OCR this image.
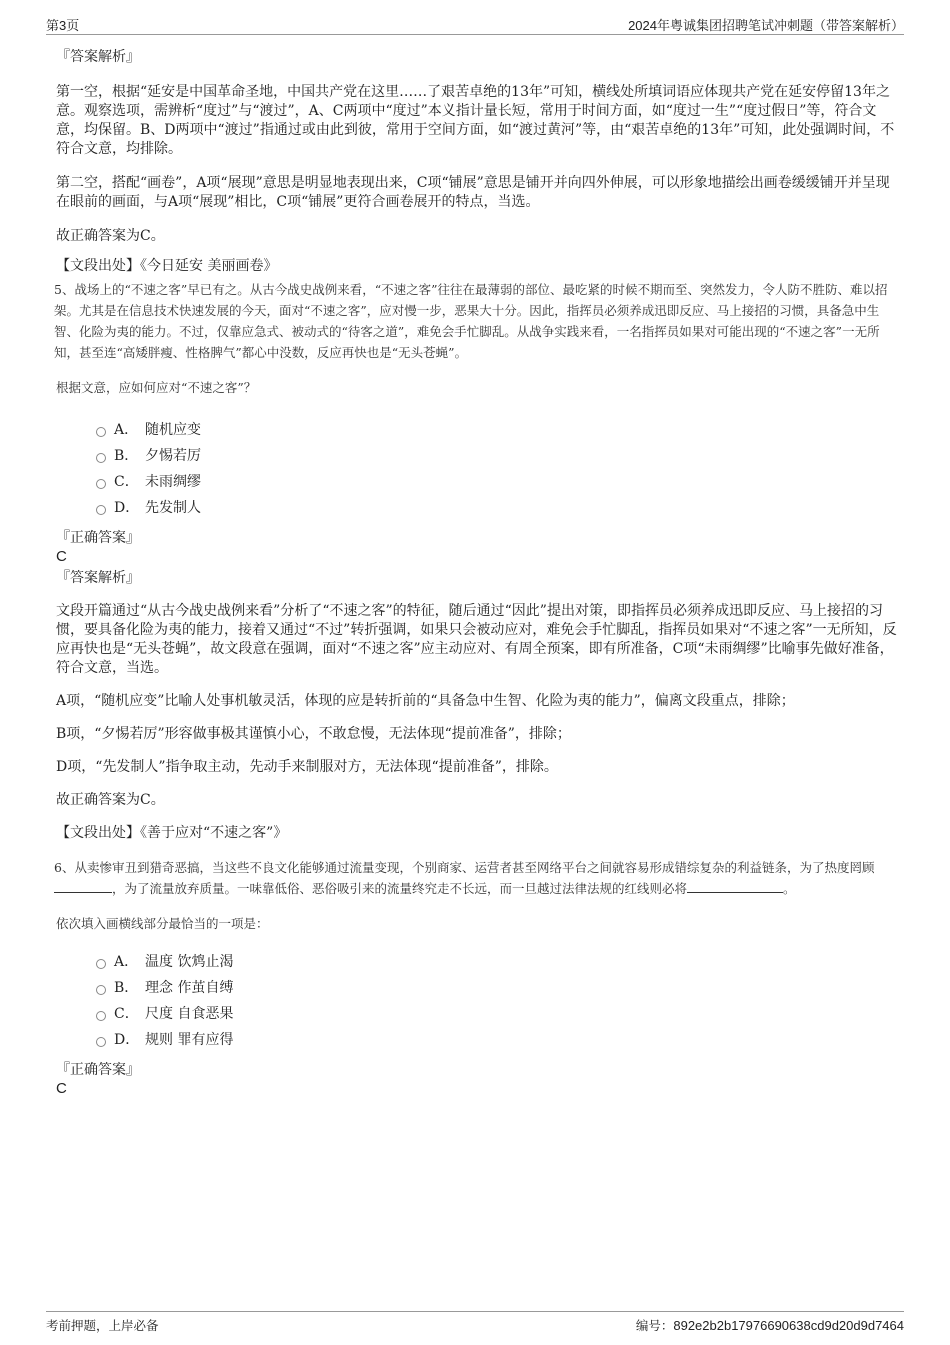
第3页	2024年粤诚集团招聘笔试冲刺题（带答案解析）

『答案解析』

第一空，根据“延安是中国革命圣地，中国共产党在这里……了艰苦卓绝的13年”可知，横线处所填词语应体现共产党在延安停留13年之意。观察选项，需辨析“度过”与“渡过”，A、C两项中“度过”本义指计量长短，常用于时间方面，如“度过一生”“度过假日”等，符合文意，均保留。B、D两项中“渡过”指通过或由此到彼，常用于空间方面，如“渡过黄河”等，由“艰苦卓绝的13年”可知，此处强调时间，不符合文意，均排除。

第二空，搭配“画卷”，A项“展现”意思是明显地表现出来，C项“铺展”意思是铺开并向四外伸展，可以形象地描绘出画卷缓缓铺开并呈现在眼前的画面，与A项“展现”相比，C项“铺展”更符合画卷展开的特点，当选。

故正确答案为C。

【文段出处】《今日延安 美丽画卷》

5、战场上的“不速之客”早已有之。从古今战史战例来看，“不速之客”往往在最薄弱的部位、最吃紧的时候不期而至、突然发力，令人防不胜防、难以招架。尤其是在信息技术快速发展的今天，面对“不速之客”，应对慢一步，恶果大十分。因此，指挥员必须养成迅即反应、马上接招的习惯，具备急中生智、化险为夷的能力。不过，仅靠应急式、被动式的“待客之道”，难免会手忙脚乱。从战争实践来看，一名指挥员如果对可能出现的“不速之客”一无所知，甚至连“高矮胖瘦、性格脾气”都心中没数，反应再快也是“无头苍蝇”。

根据文意，应如何应对“不速之客”？

A． 随机应变
B． 夕惕若厉
C． 未雨绸缪
D． 先发制人

『正确答案』

C

『答案解析』

文段开篇通过“从古今战史战例来看”分析了“不速之客”的特征，随后通过“因此”提出对策，即指挥员必须养成迅即反应、马上接招的习惯，要具备化险为夷的能力，接着又通过“不过”转折强调，如果只会被动应对，难免会手忙脚乱，指挥员如果对“不速之客”一无所知，反应再快也是“无头苍蝇”，故文段意在强调，面对“不速之客”应主动应对、有周全预案，即有所准备，C项“未雨绸缪”比喻事先做好准备，符合文意，当选。

A项，“随机应变”比喻人处事机敏灵活，体现的应是转折前的“具备急中生智、化险为夷的能力”，偏离文段重点，排除；

B项，“夕惕若厉”形容做事极其谨慎小心，不敢怠慢，无法体现“提前准备”，排除；

D项，“先发制人”指争取主动，先动手来制服对方，无法体现“提前准备”，排除。

故正确答案为C。

【文段出处】《善于应对“不速之客”》

6、从卖惨审丑到猎奇恶搞，当这些不良文化能够通过流量变现，个别商家、运营者甚至网络平台之间就容易形成错综复杂的利益链条，为了热度罔顾，为了流量放弃质量。一味靠低俗、恶俗吸引来的流量终究走不长远，而一旦越过法律法规的红线则必将	。

依次填入画横线部分最恰当的一项是：

A． 温度 饮鸩止渴
B． 理念 作茧自缚
C． 尺度 自食恶果
D． 规则 罪有应得

『正确答案』

C

考前押题，上岸必备	编号：892e2b2b17976690638cd9d20d9d7464
